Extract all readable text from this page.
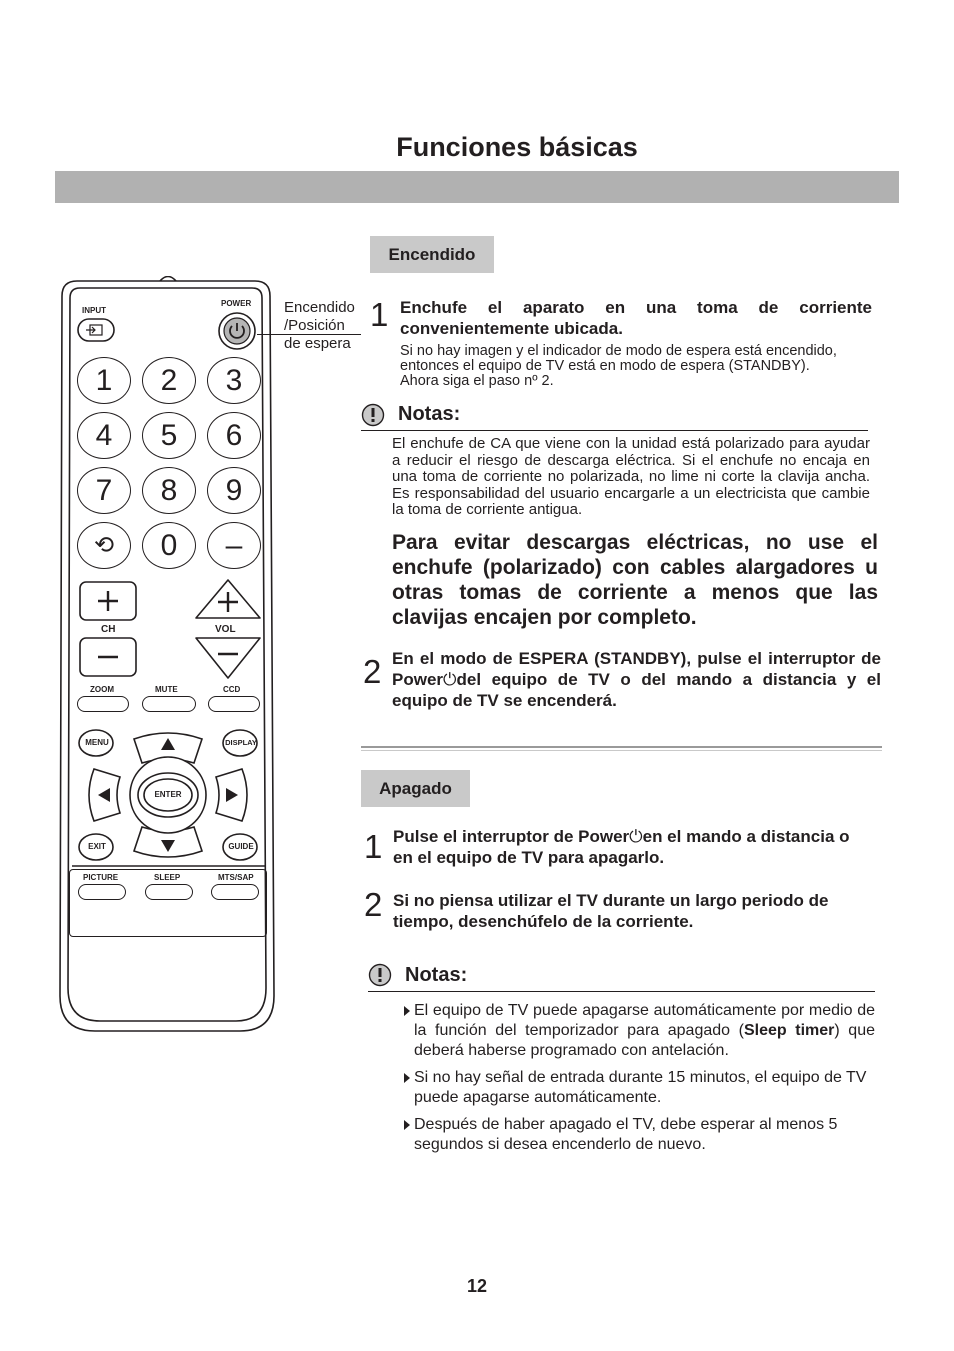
Funciones básicas
INPUT
POWER
1	2	3
4	5	6
7	8	9
⟲	0	–
CH	VOL
ZOOM	MUTE	CCD
MENU	DISPLAY
ENTER
EXIT	GUIDE
PICTURE	SLEEP	MTS/SAP
Encendido
/Posición
de espera
Encendido
1 Enchufe el aparato en una toma de corriente convenientemente ubicada.
Si no hay imagen y el indicador de modo de espera está encendido, entonces el equipo de TV está en modo de espera (STANDBY). Ahora siga el paso nº 2.
Notas:
El enchufe de CA que viene con la unidad está polarizado para ayudar a reducir el riesgo de descarga eléctrica. Si el enchufe no encaja en una toma de corriente no polarizada, no lime ni corte la clavija ancha. Es responsabilidad del usuario encargarle a un electricista que cambie la toma de corriente antigua.
Para evitar descargas eléctricas, no use el enchufe (polarizado) con cables alargadores u otras tomas de corriente a menos que las clavijas encajen por completo.
2 En el modo de ESPERA (STANDBY), pulse el interruptor de Power⏻del equipo de TV o del mando a distancia y el equipo de TV se encenderá.
Apagado
1 Pulse el interruptor de Power⏻en el mando a distancia o en el equipo de TV para apagarlo.
2 Si no piensa utilizar el TV durante un largo periodo de tiempo, desenchúfelo de la corriente.
Notas:
El equipo de TV puede apagarse automáticamente por medio de la función del temporizador para apagado (Sleep timer) que deberá haberse programado con antelación.
Si no hay señal de entrada durante 15 minutos, el equipo de TV puede apagarse automáticamente.
Después de haber apagado el TV, debe esperar al menos 5 segundos si desea encenderlo de nuevo.
12
